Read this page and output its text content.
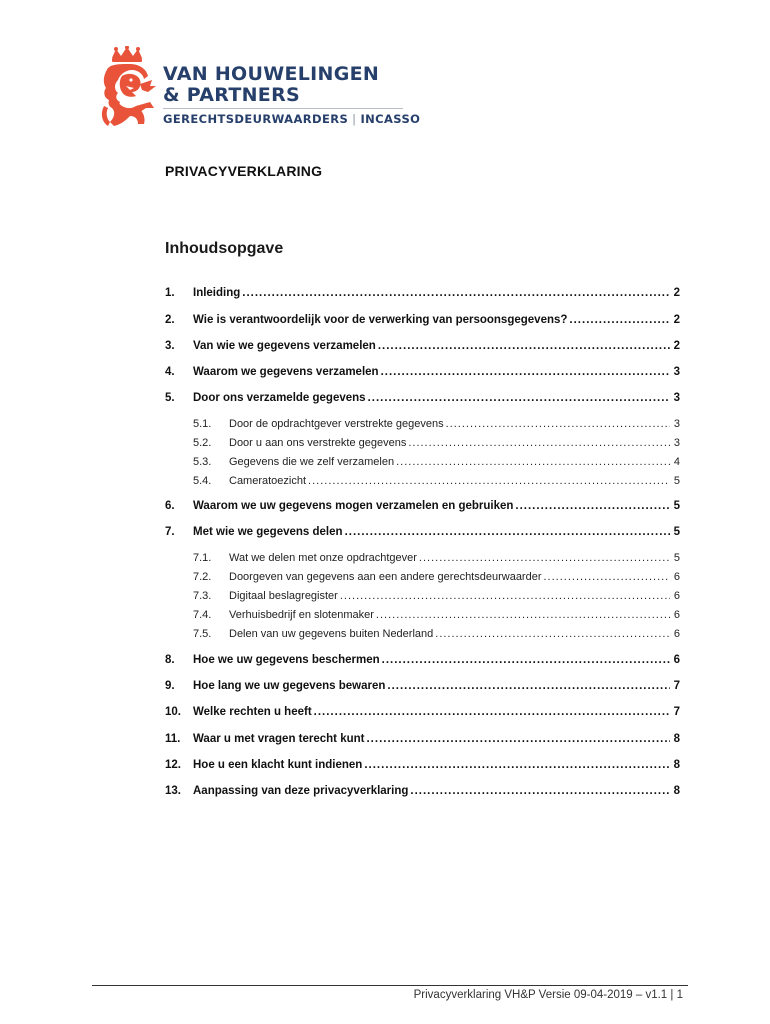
VAN HOUWELINGEN
& PARTNERS
GERECHTSDEURWAARDERS | INCASSO
PRIVACYVERKLARING
Inhoudsopgave
1.	Inleiding .....	2
2.	Wie is verantwoordelijk voor de verwerking van persoonsgegevens? .....	2
3.	Van wie we gegevens verzamelen .....	2
4.	Waarom we gegevens verzamelen .....	3
5.	Door ons verzamelde gegevens .....	3
5.1.	Door de opdrachtgever verstrekte gegevens .....	3
5.2.	Door u aan ons verstrekte gegevens .....	3
5.3.	Gegevens die we zelf verzamelen .....	4
5.4.	Cameratoezicht .....	5
6.	Waarom we uw gegevens mogen verzamelen en gebruiken .....	5
7.	Met wie we gegevens delen .....	5
7.1.	Wat we delen met onze opdrachtgever .....	5
7.2.	Doorgeven van gegevens aan een andere gerechtsdeurwaarder .....	6
7.3.	Digitaal beslagregister .....	6
7.4.	Verhuisbedrijf en slotenmaker .....	6
7.5.	Delen van uw gegevens buiten Nederland .....	6
8.	Hoe we uw gegevens beschermen .....	6
9.	Hoe lang we uw gegevens bewaren .....	7
10.	Welke rechten u heeft .....	7
11.	Waar u met vragen terecht kunt .....	8
12.	Hoe u een klacht kunt indienen .....	8
13.	Aanpassing van deze privacyverklaring .....	8
Privacyverklaring VH&P Versie 09-04-2019 – v1.1 | 1
